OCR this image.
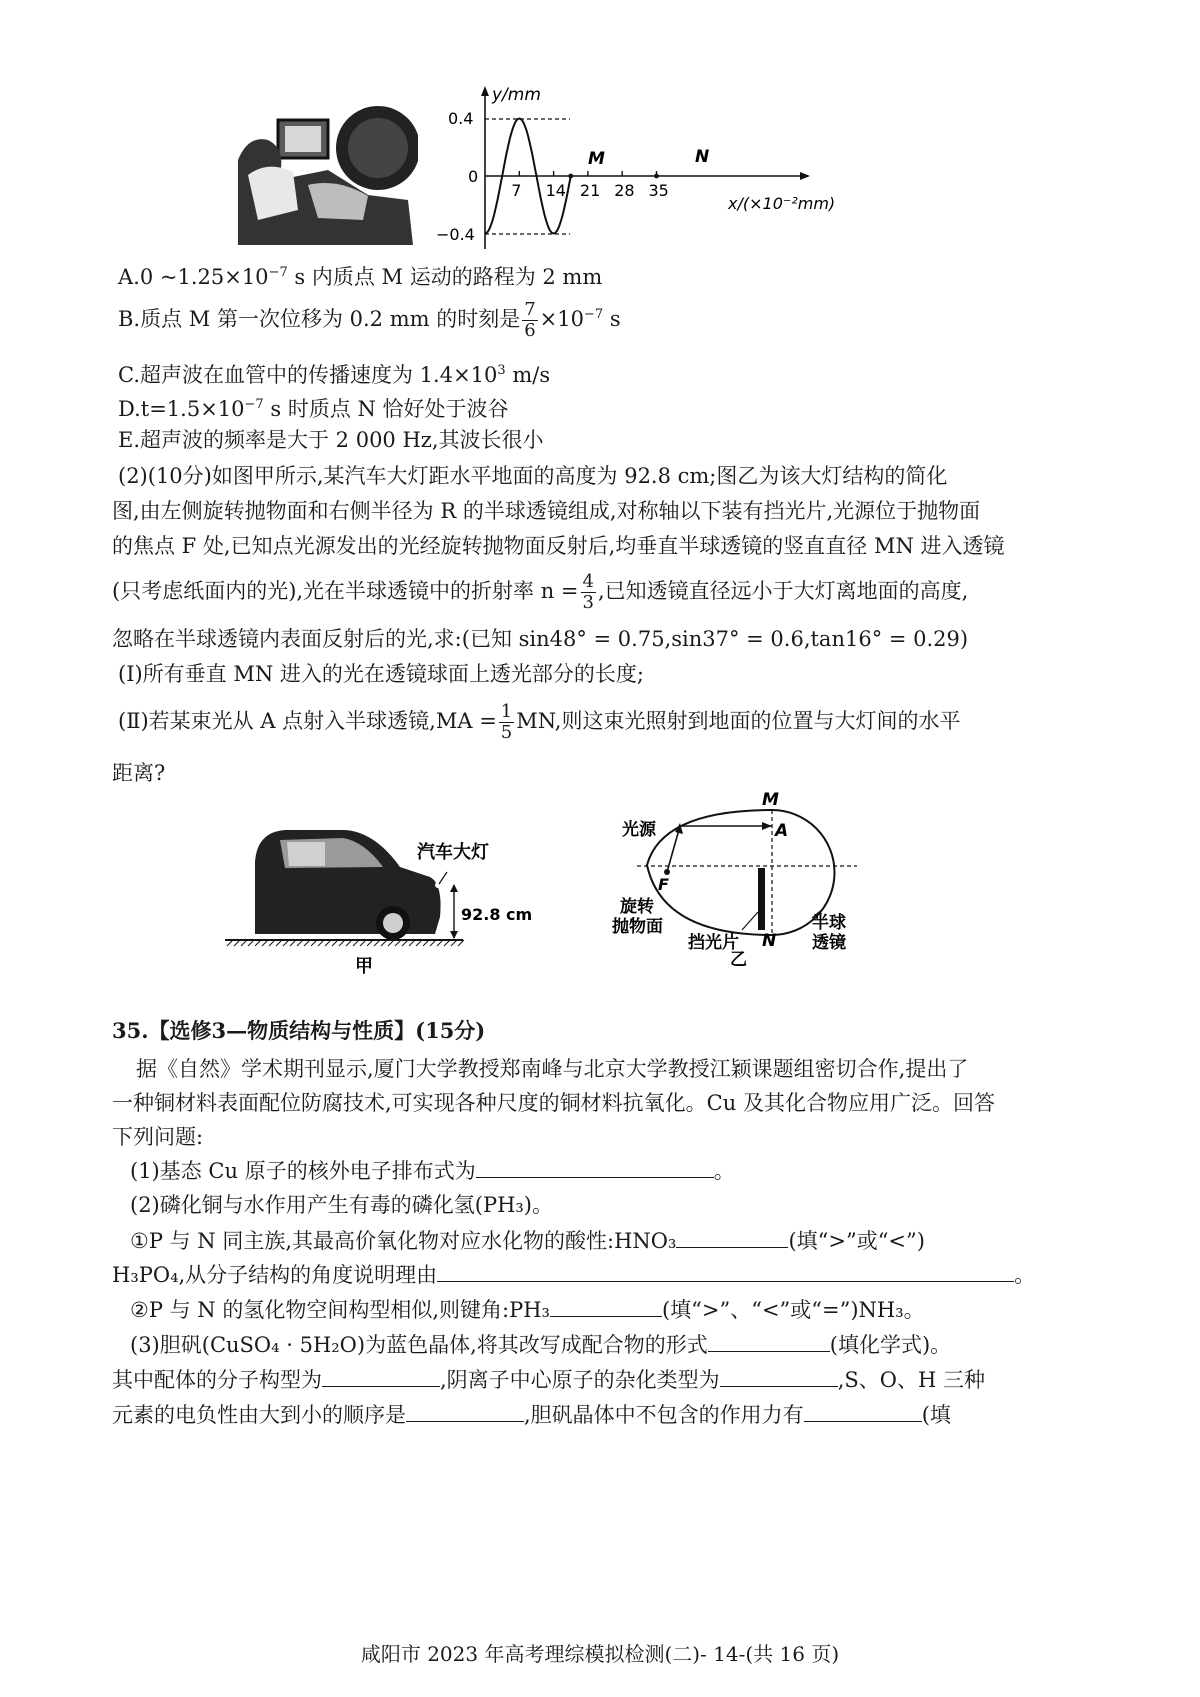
7 14 21 28 35
y/mm
0.4
0
−0.4
M	N
x/(×10⁻²mm)
A.0 $\sim 1.25\times 10^{-7}$ s 内质点 M 运动的路程为 2 mm
B.质点 M 第一次位移为 0.2 mm 的时刻是 $\frac{7}{6} \times 10^{-7}$ s
C.超声波在血管中的传播速度为 $1.4\times 10^3$ m/s
$D.t=1.5\times 10^{-7}$ s 时质点 N 恰好处于波谷
E.超声波的频率是大于 2 000 Hz,其波长很小
(2)(10分)如图甲所示,某汽车大灯距水平地面的高度为 92.8 cm;图乙为该大灯结构的简化
图,由左侧旋转抛物面和右侧半径为 R 的半球透镜组成,对称轴以下装有挡光片,光源位于抛物面
的焦点 F 处,已知点光源发出的光经旋转抛物面反射后,均垂直半球透镜的竖直直径 MN 进入透镜
(只考虑纸面内的光),光在半球透镜中的折射率 $n = \frac{4}{3}$ ,已知透镜直径远小于大灯离地面的高度,
忽略在半球透镜内表面反射后的光,求:(已知 sin48° = 0.75,sin37° = 0.6,tan16° = 0.29)
(Ⅰ)所有垂直 MN 进入的光在透镜球面上透光部分的长度;
(Ⅱ)若某束光从 A 点射入半球透镜$,MA = \frac{1}{5}$ MN,则这束光照射到地面的位置与大灯间的水平
距离?
汽车大灯
92.8 cm
甲
M
A
光源
F
旋转
抛物面
挡光片 N
乙
半球
透镜
35.【选修3—物质结构与性质】(15分)
据《自然》学术期刊显示,厦门大学教授郑南峰与北京大学教授江颖课题组密切合作,提出了
一种铜材料表面配位防腐技术,可实现各种尺度的铜材料抗氧化。Cu 及其化合物应用广泛。回答
下列问题:
(1)基态 Cu 原子的核外电子排布式为	。
(2)磷化铜与水作用产生有毒的磷化氢(PH₃)。
①P 与 N 同主族,其最高价氧化物对应水化物的酸性:HNO₃	(填“>”或“<”)
H₃PO₄,从分子结构的角度说明理由	。
②P 与 N 的氢化物空间构型相似,则键角:PH₃	(填“>”、“<”或“=”)NH₃。
(3)胆矾(CuSO₄ · 5H₂O)为蓝色晶体,将其改写成配合物的形式	(填化学式)。
其中配体的分子构型为	,阴离子中心原子的杂化类型为	,S、O、H 三种
元素的电负性由大到小的顺序是	,胆矾晶体中不包含的作用力有	(填
咸阳市 2023 年高考理综模拟检测(二)- 14-(共 16 页)
